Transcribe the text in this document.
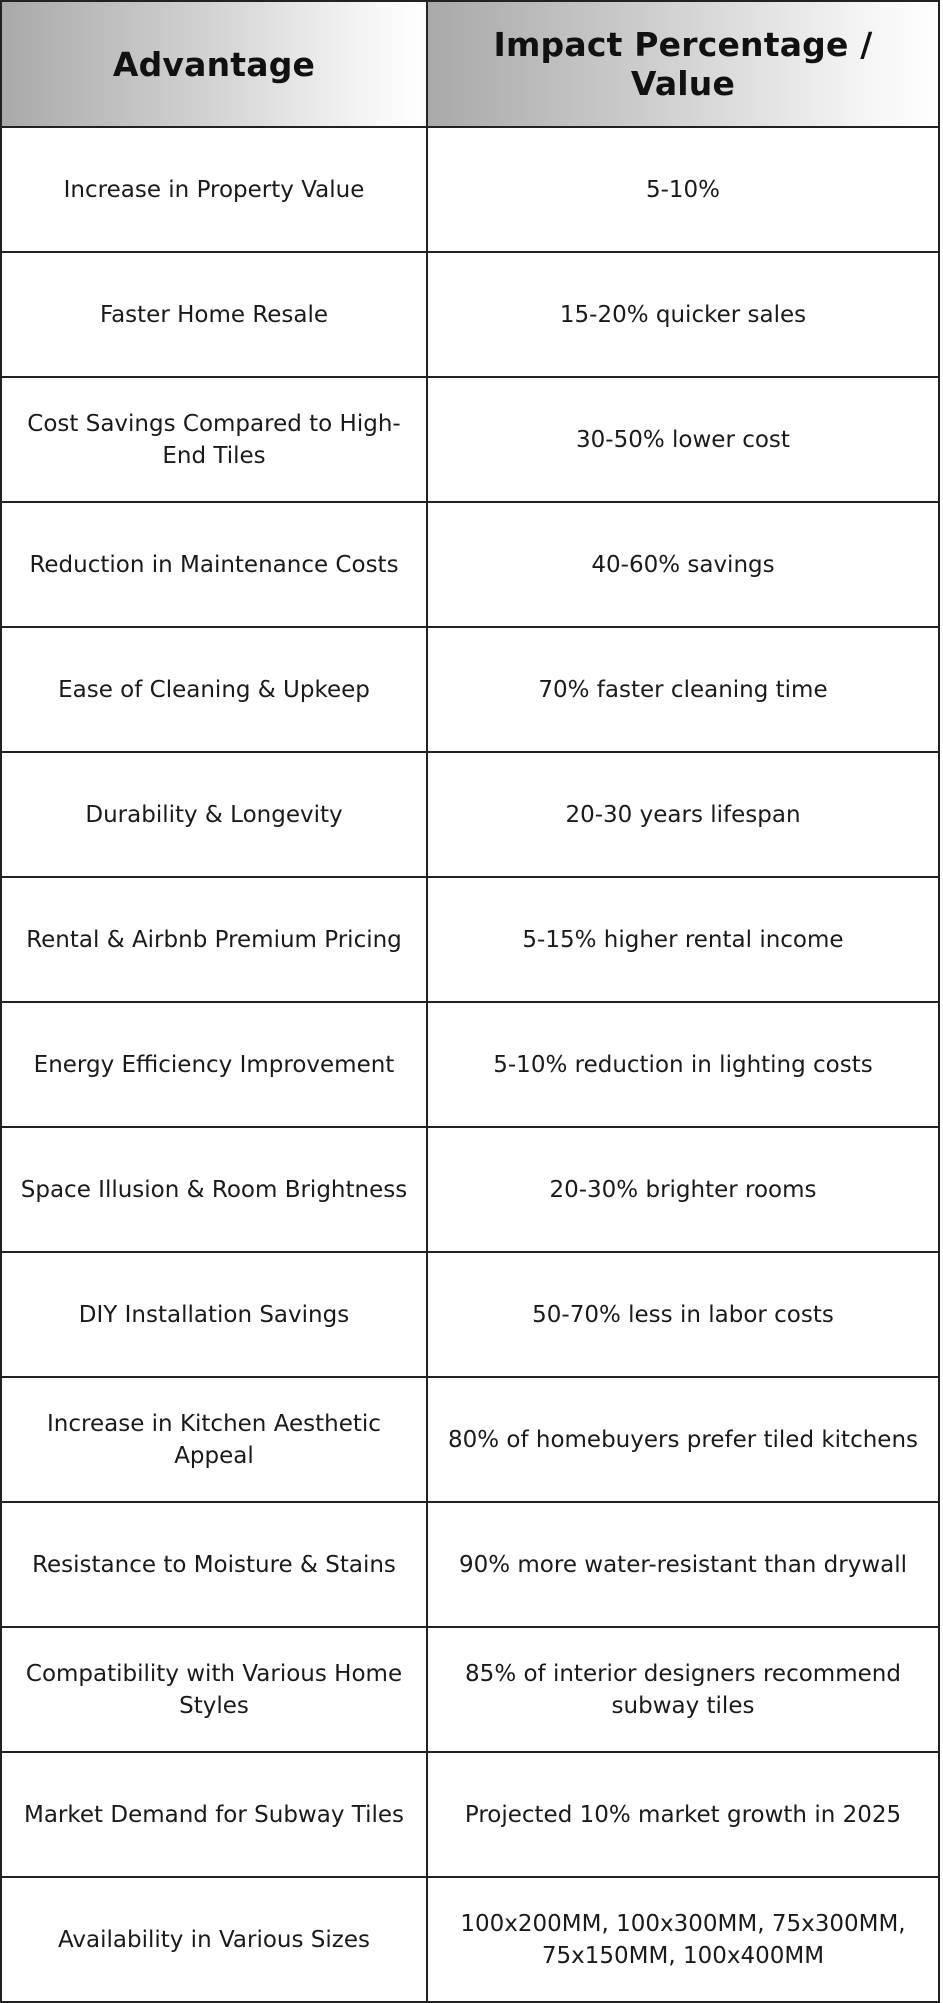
Advantage	Impact Percentage / Value
Increase in Property Value	5-10%
Faster Home Resale	15-20% quicker sales
Cost Savings Compared to High-End Tiles	30-50% lower cost
Reduction in Maintenance Costs	40-60% savings
Ease of Cleaning & Upkeep	70% faster cleaning time
Durability & Longevity	20-30 years lifespan
Rental & Airbnb Premium Pricing	5-15% higher rental income
Energy Efficiency Improvement	5-10% reduction in lighting costs
Space Illusion & Room Brightness	20-30% brighter rooms
DIY Installation Savings	50-70% less in labor costs
Increase in Kitchen Aesthetic Appeal	80% of homebuyers prefer tiled kitchens
Resistance to Moisture & Stains	90% more water-resistant than drywall
Compatibility with Various Home Styles	85% of interior designers recommend subway tiles
Market Demand for Subway Tiles	Projected 10% market growth in 2025
Availability in Various Sizes	100x200MM, 100x300MM, 75x300MM, 75x150MM, 100x400MM
